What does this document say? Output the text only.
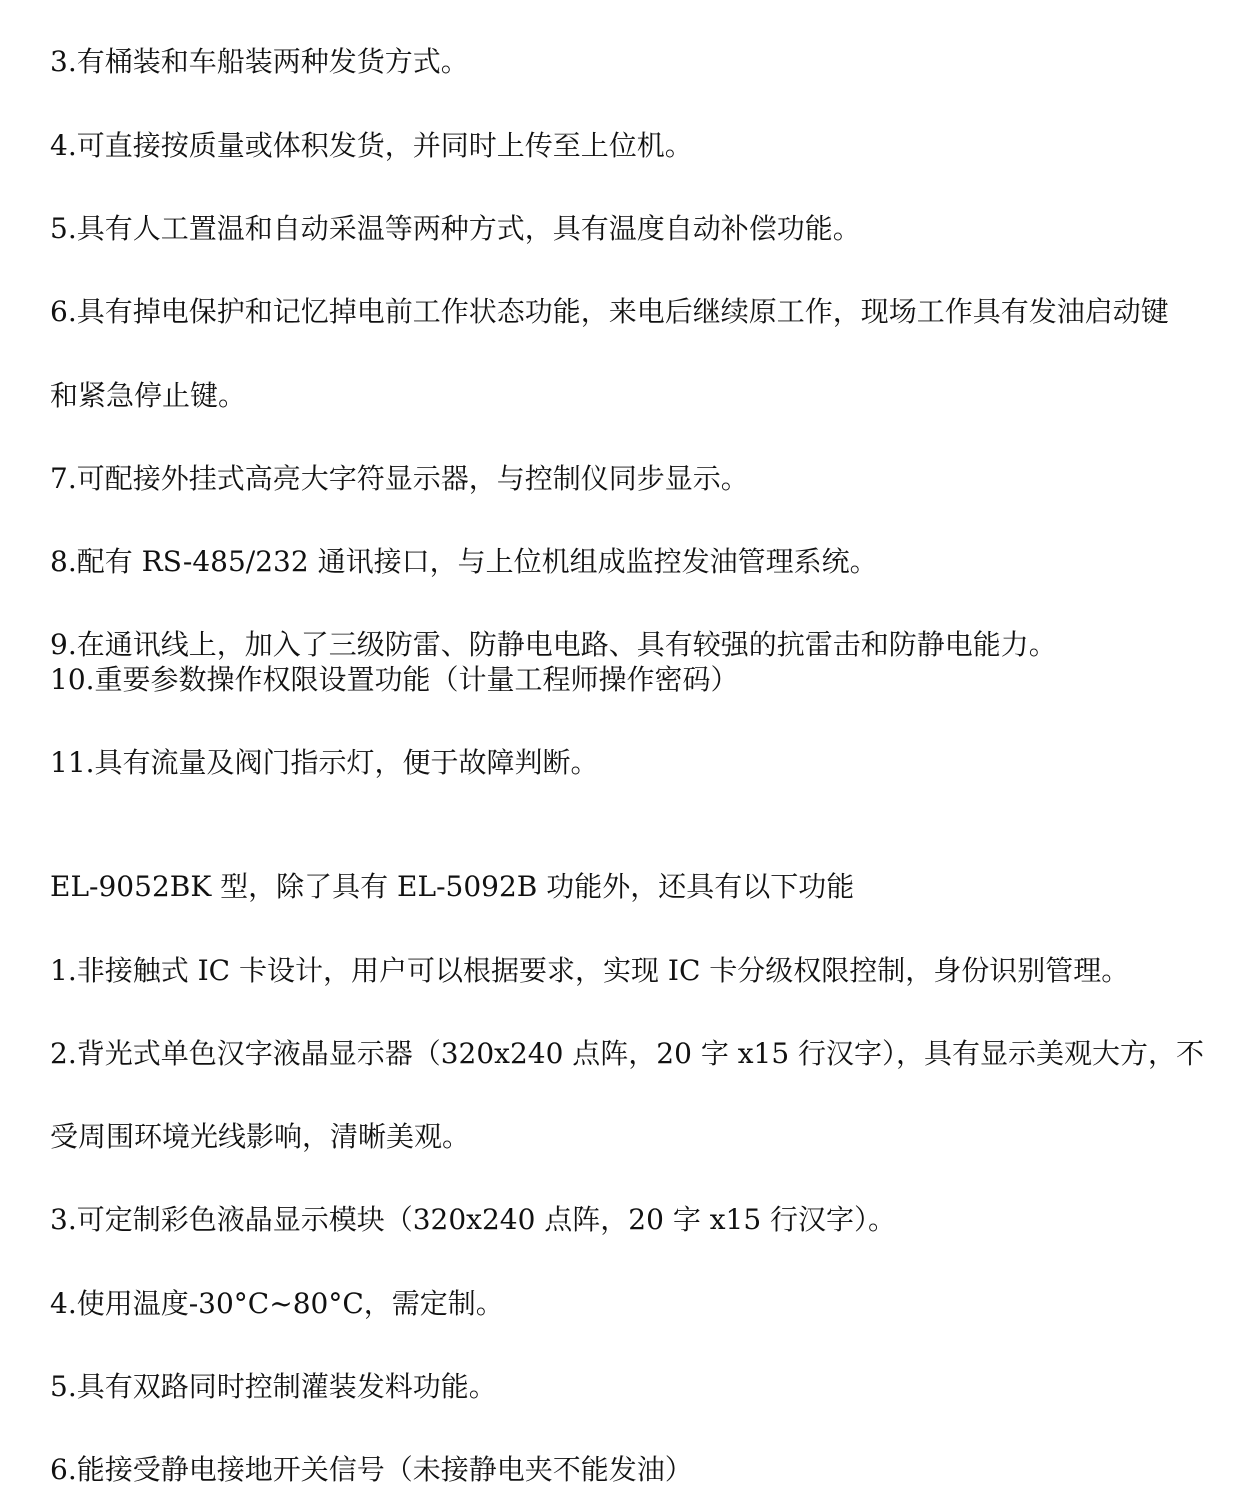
3.有桶装和车船装两种发货方式。
4.可直接按质量或体积发货，并同时上传至上位机。
5.具有人工置温和自动采温等两种方式，具有温度自动补偿功能。
6.具有掉电保护和记忆掉电前工作状态功能，来电后继续原工作，现场工作具有发油启动键
和紧急停止键。
7.可配接外挂式高亮大字符显示器，与控制仪同步显示。
8.配有 RS-485/232 通讯接口，与上位机组成监控发油管理系统。
9.在通讯线上，加入了三级防雷、防静电电路、具有较强的抗雷击和防静电能力。
10.重要参数操作权限设置功能（计量工程师操作密码）
11.具有流量及阀门指示灯，便于故障判断。
EL-9052BK 型，除了具有 EL-5092B 功能外，还具有以下功能
1.非接触式 IC 卡设计，用户可以根据要求，实现 IC 卡分级权限控制，身份识别管理。
2.背光式单色汉字液晶显示器（320x240 点阵，20 字 x15 行汉字），具有显示美观大方，不
受周围环境光线影响，清晰美观。
3.可定制彩色液晶显示模块（320x240 点阵，20 字 x15 行汉字）。
4.使用温度-30°C~80°C，需定制。
5.具有双路同时控制灌装发料功能。
6.能接受静电接地开关信号（未接静电夹不能发油）
